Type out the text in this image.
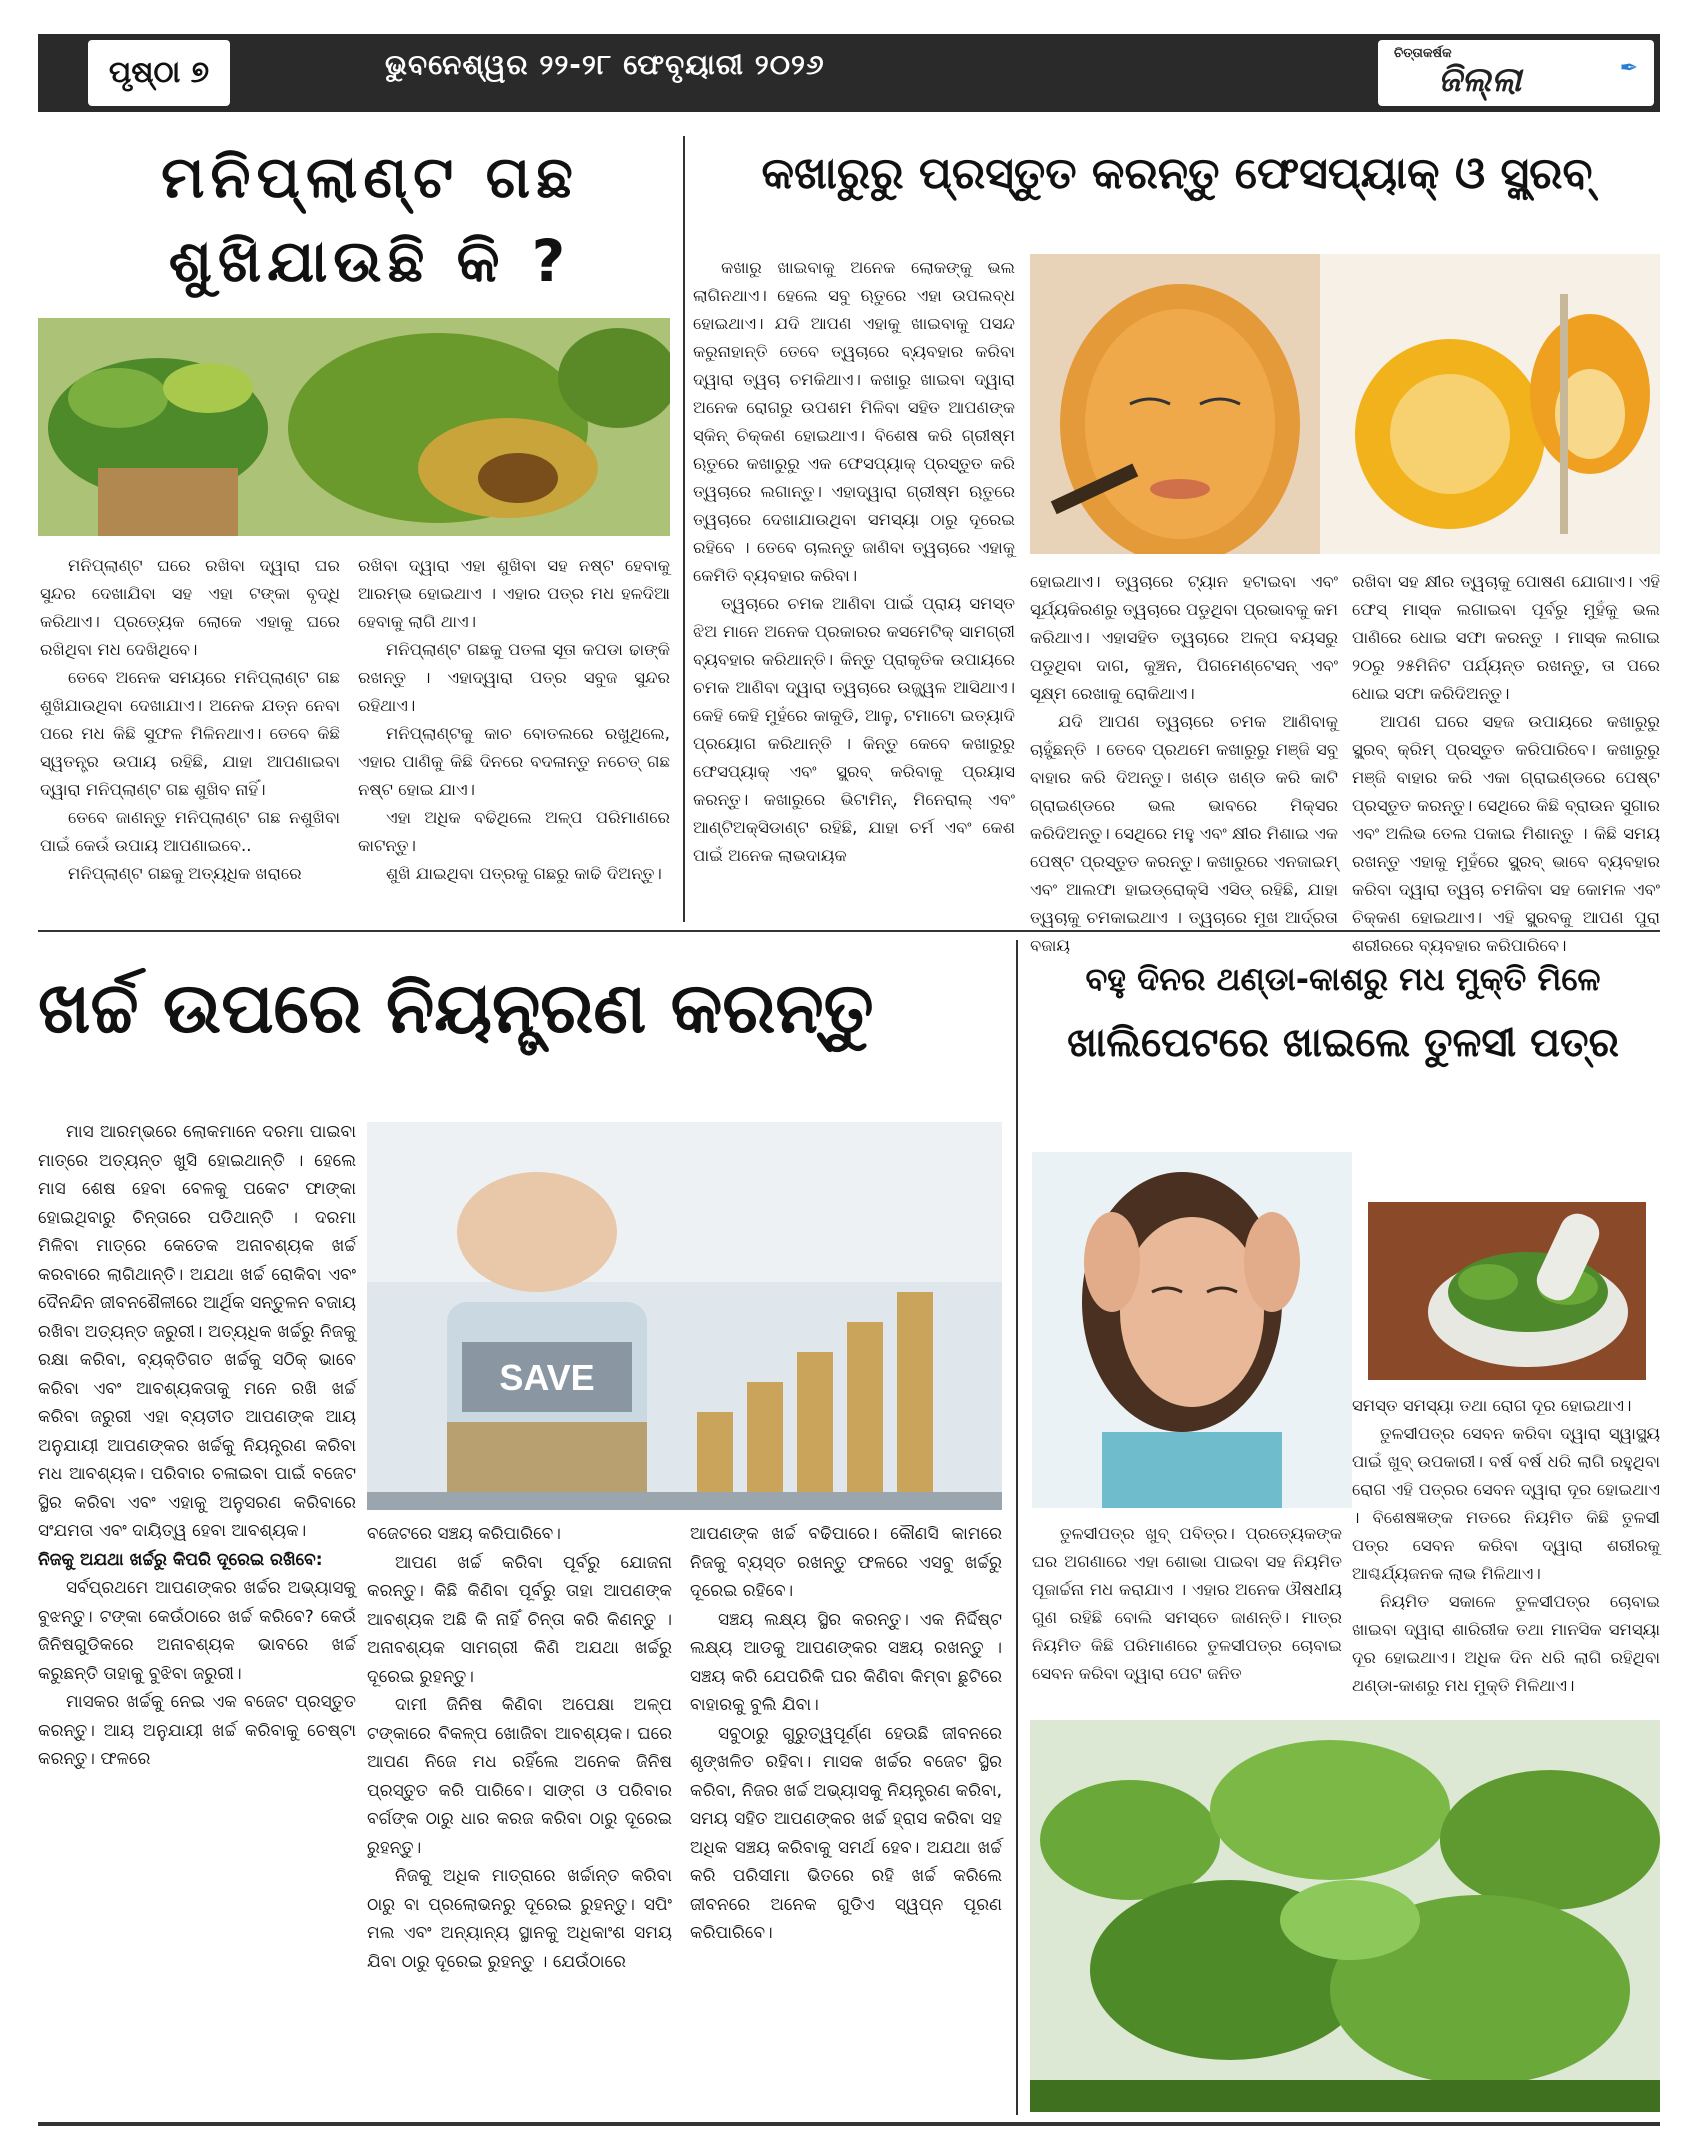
ପୃଷ୍ଠା ୭	ଭୁବନେଶ୍ୱର ୨୨-୨୮ ଫେବୃୟାରୀ ୨୦୨୬	ଚିତ୍ତାକର୍ଷକ
ଜିଲ୍ଲା	✒
ମନିପ୍ଲାଣ୍ଟ ଗଛ
ଶୁଖିଯାଉଛି କି ?

ମନିପ୍ଲାଣ୍ଟ ଘରେ ରଖିବା ଦ୍ୱାରା ଘର ସୁନ୍ଦର ଦେଖାଯିବା ସହ ଏହା ଟଙ୍କା ବୃଦ୍ଧି କରିଥାଏ। ପ୍ରତ୍ୟେକ ଲୋକେ ଏହାକୁ ଘରେ ରଖିଥିବା ମଧ ଦେଖିଥିବେ।

ତେବେ ଅନେକ ସମୟରେ ମନିପ୍ଲାଣ୍ଟ ଗଛ ଶୁଖିଯାଉଥିବା ଦେଖାଯାଏ। ଅନେକ ଯତ୍ନ ନେବା ପରେ ମଧ କିଛି ସୁଫଳ ମିଳିନଥାଏ। ତେବେ କିଛି ସ୍ୱତନ୍ତ୍ର ଉପାୟ ରହିଛି, ଯାହା ଆପଣାଇବା ଦ୍ୱାରା ମନିପ୍ଲାଣ୍ଟ ଗଛ ଶୁଖିବ ନାହିଁ।

ତେବେ ଜାଣନ୍ତୁ ମନିପ୍ଲାଣ୍ଟ ଗଛ ନଶୁଖିବା ପାଇଁ କେଉଁ ଉପାୟ ଆପଣାଇବେ..

ମନିପ୍ଲାଣ୍ଟ ଗଛକୁ ଅତ୍ୟଧିକ ଖରାରେ

ରଖିବା ଦ୍ୱାରା ଏହା ଶୁଖିବା ସହ ନଷ୍ଟ ହେବାକୁ ଆରମ୍ଭ ହୋଇଥାଏ । ଏହାର ପତ୍ର ମଧ ହଳଦିଆ ହେବାକୁ ଲାଗି ଥାଏ।

ମନିପ୍ଲାଣ୍ଟ ଗଛକୁ ପତଳା ସୂତା କପଡା ଢାଙ୍କି ରଖନ୍ତୁ । ଏହାଦ୍ୱାରା ପତ୍ର ସବୁଜ ସୁନ୍ଦର ରହିଥାଏ।

ମନିପ୍ଲାଣ୍ଟକୁ କାଚ ବୋତଲରେ ରଖୁଥିଲେ, ଏହାର ପାଣିକୁ କିଛି ଦିନରେ ବଦଳାନ୍ତୁ ନଚେତ୍ ଗଛ ନଷ୍ଟ ହୋଇ ଯାଏ।

ଏହା ଅଧିକ ବଢିଥିଲେ ଅଳ୍ପ ପରିମାଣରେ କାଟନ୍ତୁ।

ଶୁଖି ଯାଇଥିବା ପତ୍ରକୁ ଗଛରୁ କାଢି ଦିଅନ୍ତୁ।

କଖାରୁରୁ ପ୍ରସ୍ତୁତ କରନ୍ତୁ ଫେସପ୍ୟାକ୍ ଓ ସ୍କ୍ରବ୍

କଖାରୁ ଖାଇବାକୁ ଅନେକ ଲୋକଙ୍କୁ ଭଲ ଲାଗିନଥାଏ। ହେଲେ ସବୁ ଋତୁରେ ଏହା ଉପଲବ୍ଧ ହୋଇଥାଏ। ଯଦି ଆପଣ ଏହାକୁ ଖାଇବାକୁ ପସନ୍ଦ କରୁନାହାନ୍ତି ତେବେ ତ୍ୱଚାରେ ବ୍ୟବହାର କରିବା ଦ୍ୱାରା ତ୍ୱଚା ଚମକିଥାଏ। କଖାରୁ ଖାଇବା ଦ୍ୱାରା ଅନେକ ରୋଗରୁ ଉପଶମ ମିଳିବା ସହିତ ଆପଣଙ୍କ ସ୍କିନ୍ ଚିକ୍କଣ ହୋଇଥାଏ। ବିଶେଷ କରି ଗ୍ରୀଷ୍ମ ଋତୁରେ କଖାରୁରୁ ଏକ ଫେସପ୍ୟାକ୍ ପ୍ରସ୍ତୁତ କରି ତ୍ୱଚାରେ ଲଗାନ୍ତୁ। ଏହାଦ୍ୱାରା ଗ୍ରୀଷ୍ମ ଋତୁରେ ତ୍ୱଚାରେ ଦେଖାଯାଉଥିବା ସମସ୍ୟା ଠାରୁ ଦୂରେଇ ରହିବେ । ତେବେ ଚାଲନ୍ତୁ ଜାଣିବା ତ୍ୱଚାରେ ଏହାକୁ କେମିତି ବ୍ୟବହାର କରିବା।

ତ୍ୱଚାରେ ଚମକ ଆଣିବା ପାଇଁ ପ୍ରାୟ ସମସ୍ତ ଝିଅ ମାନେ ଅନେକ ପ୍ରକାରର କସମେଟିକ୍ ସାମଗ୍ରୀ ବ୍ୟବହାର କରିଥାନ୍ତି। କିନ୍ତୁ ପ୍ରାକୃତିକ ଉପାୟରେ ଚମକ ଆଣିବା ଦ୍ୱାରା ତ୍ୱଚାରେ ଉଜ୍ଜ୍ୱଳ ଆସିଥାଏ। କେହି କେହି ମୁହଁରେ କାକୁଡି, ଆଳୁ, ଟମାଟୋ ଇତ୍ୟାଦି ପ୍ରୟୋଗ କରିଥାନ୍ତି । କିନ୍ତୁ କେବେ କଖାରୁରୁ ଫେସପ୍ୟାକ୍ ଏବଂ ସ୍କ୍ରବ୍ କରିବାକୁ ପ୍ରୟାସ କରନ୍ତୁ। କଖାରୁରେ ଭିଟାମିନ୍, ମିନେରାଲ୍ ଏବଂ ଆଣ୍ଟିଅକ୍ସିଡାଣ୍ଟ ରହିଛି, ଯାହା ଚର୍ମ ଏବଂ କେଶ ପାଇଁ ଅନେକ ଲାଭଦାୟକ

ହୋଇଥାଏ। ତ୍ୱଚାରେ ଟ୍ୟାନ ହଟାଇବା ଏବଂ ସୂର୍ଯ୍ୟକିରଣରୁ ତ୍ୱଚାରେ ପଡୁଥିବା ପ୍ରଭାବକୁ କମ କରିଥାଏ। ଏହାସହିତ ତ୍ୱଚାରେ ଅଳ୍ପ ବୟସରୁ ପଡୁଥିବା ଦାଗ, କୁଞ୍ଚନ, ପିଗମେଣ୍ଟେସନ୍ ଏବଂ ସୂକ୍ଷ୍ମ ରେଖାକୁ ରୋକିଥାଏ।

ଯଦି ଆପଣ ତ୍ୱଚାରେ ଚମକ ଆଣିବାକୁ ଚାହୁଁଛନ୍ତି । ତେବେ ପ୍ରଥମେ କଖାରୁରୁ ମଞ୍ଜି ସବୁ ବାହାର କରି ଦିଅନ୍ତୁ। ଖଣ୍ଡ ଖଣ୍ଡ କରି କାଟି ଗ୍ରାଇଣ୍ଡରେ ଭଲ ଭାବରେ ମିକ୍ସର କରିଦିଅନ୍ତୁ। ସେଥିରେ ମହୁ ଏବଂ କ୍ଷୀର ମିଶାଇ ଏକ ପେଷ୍ଟ ପ୍ରସ୍ତୁତ କରନ୍ତୁ। କଖାରୁରେ ଏନଜାଇମ୍ ଏବଂ ଆଲଫା ହାଇଡ୍ରୋକ୍ସି ଏସିଡ୍ ରହିଛି, ଯାହା ତ୍ୱଚାକୁ ଚମକାଇଥାଏ । ତ୍ୱଚାରେ ମୁଖ ଆର୍ଦ୍ରତା ବଜାୟ

ରଖିବା ସହ କ୍ଷୀର ତ୍ୱଚାକୁ ପୋଷଣ ଯୋଗାଏ। ଏହି ଫେସ୍ ମାସ୍କ ଲଗାଇବା ପୂର୍ବରୁ ମୁହଁକୁ ଭଲ ପାଣିରେ ଧୋଇ ସଫା କରନ୍ତୁ । ମାସ୍କ ଲଗାଇ ୨୦ରୁ ୨୫ମିନିଟ ପର୍ଯ୍ୟନ୍ତ ରଖନ୍ତୁ, ତା ପରେ ଧୋଇ ସଫା କରିଦିଅନ୍ତୁ।

ଆପଣ ଘରେ ସହଜ ଉପାୟରେ କଖାରୁରୁ ସ୍କ୍ରବ୍ କ୍ରିମ୍ ପ୍ରସ୍ତୁତ କରିପାରିବେ। କଖାରୁରୁ ମଞ୍ଜି ବାହାର କରି ଏକା ଗ୍ରାଇଣ୍ଡରେ ପେଷ୍ଟ ପ୍ରସ୍ତୁତ କରନ୍ତୁ। ସେଥିରେ କିଛି ବ୍ରାଉନ ସୁଗାର ଏବଂ ଅଲିଭ ତେଲ ପକାଇ ମିଶାନ୍ତୁ । କିଛି ସମୟ ରଖନ୍ତୁ ଏହାକୁ ମୁହଁରେ ସ୍କ୍ରବ୍ ଭାବେ ବ୍ୟବହାର କରିବା ଦ୍ୱାରା ତ୍ୱଚା ଚମକିବା ସହ କୋମଳ ଏବଂ ଚିକ୍କଣ ହୋଇଥାଏ। ଏହି ସ୍କ୍ରବକୁ ଆପଣ ପୁରା ଶରୀରରେ ବ୍ୟବହାର କରିପାରିବେ।

ଖର୍ଚ୍ଚ ଉପରେ ନିୟନ୍ତ୍ରଣ କରନ୍ତୁ
SAVE

ମାସ ଆରମ୍ଭରେ ଲୋକମାନେ ଦରମା ପାଇବା ମାତ୍ରେ ଅତ୍ୟନ୍ତ ଖୁସି ହୋଇଥାନ୍ତି । ହେଲେ ମାସ ଶେଷ ହେବା ବେଳକୁ ପକେଟ ଫାଙ୍କା ହୋଇଥିବାରୁ ଚିନ୍ତାରେ ପଡିଥାନ୍ତି । ଦରମା ମିଳିବା ମାତ୍ରେ କେତେକ ଅନାବଶ୍ୟକ ଖର୍ଚ୍ଚ କରବାରେ ଲାଗିଥାନ୍ତି। ଅଯଥା ଖର୍ଚ୍ଚ ରୋକିବା ଏବଂ ଦୈନନ୍ଦିନ ଜୀବନଶୈଳୀରେ ଆର୍ଥିକ ସନ୍ତୁଳନ ବଜାୟ ରଖିବା ଅତ୍ୟନ୍ତ ଜରୁରୀ। ଅତ୍ୟଧିକ ଖର୍ଚ୍ଚରୁ ନିଜକୁ ରକ୍ଷା କରିବା, ବ୍ୟକ୍ତିଗତ ଖର୍ଚ୍ଚକୁ ସଠିକ୍ ଭାବେ କରିବା ଏବଂ ଆବଶ୍ୟକତାକୁ ମନେ ରଖି ଖର୍ଚ୍ଚ କରିବା ଜରୁରୀ ଏହା ବ୍ୟତୀତ ଆପଣଙ୍କ ଆୟ ଅନୁଯାୟୀ ଆପଣଙ୍କର ଖର୍ଚ୍ଚକୁ ନିୟନ୍ତ୍ରଣ କରିବା ମଧ ଆବଶ୍ୟକ। ପରିବାର ଚଳାଇବା ପାଇଁ ବଜେଟ ସ୍ଥିର କରିବା ଏବଂ ଏହାକୁ ଅନୁସରଣ କରିବାରେ ସଂଯମତା ଏବଂ ଦାୟିତ୍ୱ ହେବା ଆବଶ୍ୟକ।

ନିଜକୁ ଅଯଥା ଖର୍ଚ୍ଚରୁ କିପରି ଦୂରେଇ ରଖିବେ:

ସର୍ବପ୍ରଥମେ ଆପଣଙ୍କର ଖର୍ଚ୍ଚର ଅଭ୍ୟାସକୁ ବୁଝନ୍ତୁ। ଟଙ୍କା କେଉଁଠାରେ ଖର୍ଚ୍ଚ କରିବେ? କେଉଁ ଜିନିଷଗୁଡିକରେ ଅନାବଶ୍ୟକ ଭାବରେ ଖର୍ଚ୍ଚ କରୁଛନ୍ତି ତାହାକୁ ବୁଝିବା ଜରୁରୀ।

ମାସକର ଖର୍ଚ୍ଚକୁ ନେଇ ଏକ ବଜେଟ ପ୍ରସ୍ତୁତ କରନ୍ତୁ। ଆୟ ଅନୁଯାୟୀ ଖର୍ଚ୍ଚ କରିବାକୁ ଚେଷ୍ଟା କରନ୍ତୁ। ଫଳରେ

ବଜେଟରେ ସଞ୍ଚୟ କରିପାରିବେ।

ଆପଣ ଖର୍ଚ୍ଚ କରିବା ପୂର୍ବରୁ ଯୋଜନା କରନ୍ତୁ। କିଛି କିଣିବା ପୂର୍ବରୁ ତାହା ଆପଣଙ୍କ ଆବଶ୍ୟକ ଅଛି କି ନାହିଁ ଚିନ୍ତା କରି କିଣନ୍ତୁ । ଅନାବଶ୍ୟକ ସାମଗ୍ରୀ କିଣି ଅଯଥା ଖର୍ଚ୍ଚରୁ ଦୂରେଇ ରୁହନ୍ତୁ।

ଦାମୀ ଜିନିଷ କିଣିବା ଅପେକ୍ଷା ଅଳ୍ପ ଟଙ୍କାରେ ବିକଳ୍ପ ଖୋଜିବା ଆବଶ୍ୟକ। ଘରେ ଆପଣ ନିଜେ ମଧ ରହିଁଲେ ଅନେକ ଜିନିଷ ପ୍ରସ୍ତୁତ କରି ପାରିବେ। ସାଙ୍ଗ ଓ ପରିବାର ବର୍ଗଙ୍କ ଠାରୁ ଧାର କରଜ କରିବା ଠାରୁ ଦୂରେଇ ରୁହନ୍ତୁ।

ନିଜକୁ ଅଧିକ ମାତ୍ରାରେ ଖର୍ଚ୍ଚାନ୍ତ କରିବା ଠାରୁ ବା ପ୍ରଲୋଭନରୁ ଦୂରେଇ ରୁହନ୍ତୁ। ସପିଂ ମଲ ଏବଂ ଅନ୍ୟାନ୍ୟ ସ୍ଥାନକୁ ଅଧିକାଂଶ ସମୟ ଯିବା ଠାରୁ ଦୂରେଇ ରୁହନ୍ତୁ । ଯେଉଁଠାରେ

ଆପଣଙ୍କ ଖର୍ଚ୍ଚ ବଢିପାରେ। କୌଣସି କାମରେ ନିଜକୁ ବ୍ୟସ୍ତ ରଖନ୍ତୁ ଫଳରେ ଏସବୁ ଖର୍ଚ୍ଚରୁ ଦୂରେଇ ରହିବେ।

ସଞ୍ଚୟ ଲକ୍ଷ୍ୟ ସ୍ଥିର କରନ୍ତୁ। ଏକ ନିର୍ଦ୍ଦିଷ୍ଟ ଲକ୍ଷ୍ୟ ଆଡକୁ ଆପଣଙ୍କର ସଞ୍ଚୟ ରଖନ୍ତୁ । ସଞ୍ଚୟ କରି ଯେପରିକି ଘର କିଣିବା କିମ୍ବା ଛୁଟିରେ ବାହାରକୁ ବୁଲି ଯିବା।

ସବୁଠାରୁ ଗୁରୁତ୍ୱପୂର୍ଣ୍ଣ ହେଉଛି ଜୀବନରେ ଶୃଙ୍ଖଳିତ ରହିବା। ମାସକ ଖର୍ଚ୍ଚର ବଜେଟ ସ୍ଥିର କରିବା, ନିଜର ଖର୍ଚ୍ଚ ଅଭ୍ୟାସକୁ ନିୟନ୍ତ୍ରଣ କରିବା, ସମୟ ସହିତ ଆପଣଙ୍କର ଖର୍ଚ୍ଚ ହ୍ରାସ କରିବା ସହ ଅଧିକ ସଞ୍ଚୟ କରିବାକୁ ସମର୍ଥ ହେବ। ଅଯଥା ଖର୍ଚ୍ଚ କରି ପରିସୀମା ଭିତରେ ରହି ଖର୍ଚ୍ଚ କରିଲେ ଜୀବନରେ ଅନେକ ଗୁଡିଏ ସ୍ୱପ୍ନ ପୂରଣ କରିପାରିବେ।

ବହୁ ଦିନର ଥଣ୍ଡା-କାଶରୁ ମଧ ମୁକ୍ତି ମିଳେ
ଖାଲିପେଟରେ ଖାଇଲେ ତୁଳସୀ ପତ୍ର

ସମସ୍ତ ସମସ୍ୟା ତଥା ରୋଗ ଦୂର ହୋଇଥାଏ।

ତୁଳସୀପତ୍ର ସେବନ କରିବା ଦ୍ୱାରା ସ୍ୱାସ୍ଥ୍ୟ ପାଇଁ ଖୁବ୍ ଉପକାରୀ। ବର୍ଷ ବର୍ଷ ଧରି ଲାଗି ରହୁଥିବା ରୋଗ ଏହି ପତ୍ରର ସେବନ ଦ୍ୱାରା ଦୂର ହୋଇଥାଏ । ବିଶେଷଜ୍ଞଙ୍କ ମତରେ ନିୟମିତ କିଛି ତୁଳସୀ ପତ୍ର ସେବନ କରିବା ଦ୍ୱାରା ଶରୀରକୁ ଆଶ୍ଚର୍ଯ୍ୟଜନକ ଲାଭ ମିଳିଥାଏ।

ନିୟମିତ ସକାଳେ ତୁଳସୀପତ୍ର ଚୋବାଇ ଖାଇବା ଦ୍ୱାରା ଶାରିରୀକ ତଥା ମାନସିକ ସମସ୍ୟା ଦୂର ହୋଇଥାଏ। ଅଧିକ ଦିନ ଧରି ଲାଗି ରହିଥିବା ଥଣ୍ଡା-କାଶରୁ ମଧ ମୁକ୍ତି ମିଳିଥାଏ।

ତୁଳସୀପତ୍ର ଖୁବ୍ ପବିତ୍ର। ପ୍ରତ୍ୟେକଙ୍କ ଘର ଅଗଣାରେ ଏହା ଶୋଭା ପାଇବା ସହ ନିୟମିତ ପୂଜାର୍ଚ୍ଚନା ମଧ କରାଯାଏ । ଏହାର ଅନେକ ଔଷଧୀୟ ଗୁଣ ରହିଛି ବୋଲି ସମସ୍ତେ ଜାଣନ୍ତି। ମାତ୍ର ନିୟମିତ କିଛି ପରିମାଣରେ ତୁଳସୀପତ୍ର ଚୋବାଇ ସେବନ କରିବା ଦ୍ୱାରା ପେଟ ଜନିତ
